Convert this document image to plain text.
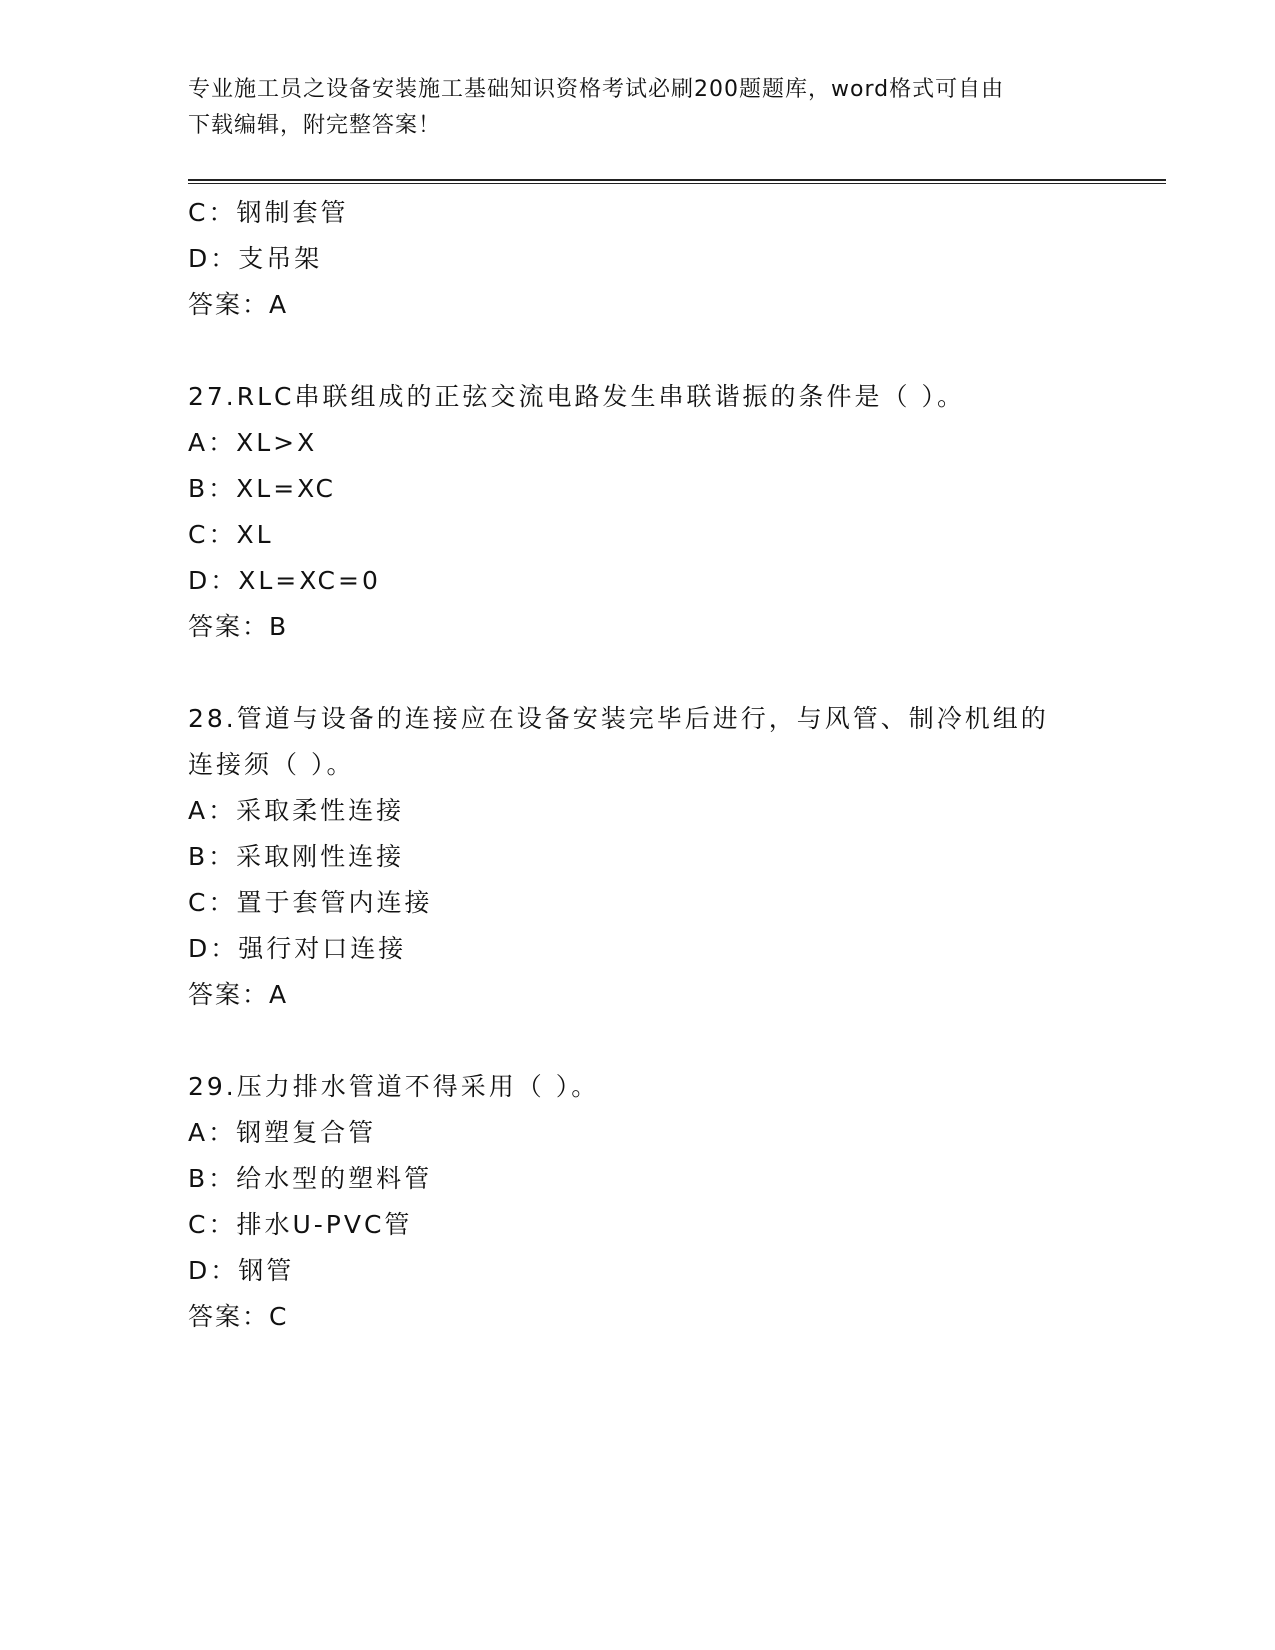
专业施工员之设备安装施工基础知识资格考试必刷200题题库，word格式可自由
下载编辑，附完整答案！
C：钢制套管
D：支吊架
答案：A
27.RLC串联组成的正弦交流电路发生串联谐振的条件是（ ）。
A：XL>X
B：XL=XC
C：XL
D：XL=XC=0
答案：B
28.管道与设备的连接应在设备安装完毕后进行，与风管、制冷机组的
连接须（ ）。
A：采取柔性连接
B：采取刚性连接
C：置于套管内连接
D：强行对口连接
答案：A
29.压力排水管道不得采用（ ）。
A：钢塑复合管
B：给水型的塑料管
C：排水U-PVC管
D：钢管
答案：C
